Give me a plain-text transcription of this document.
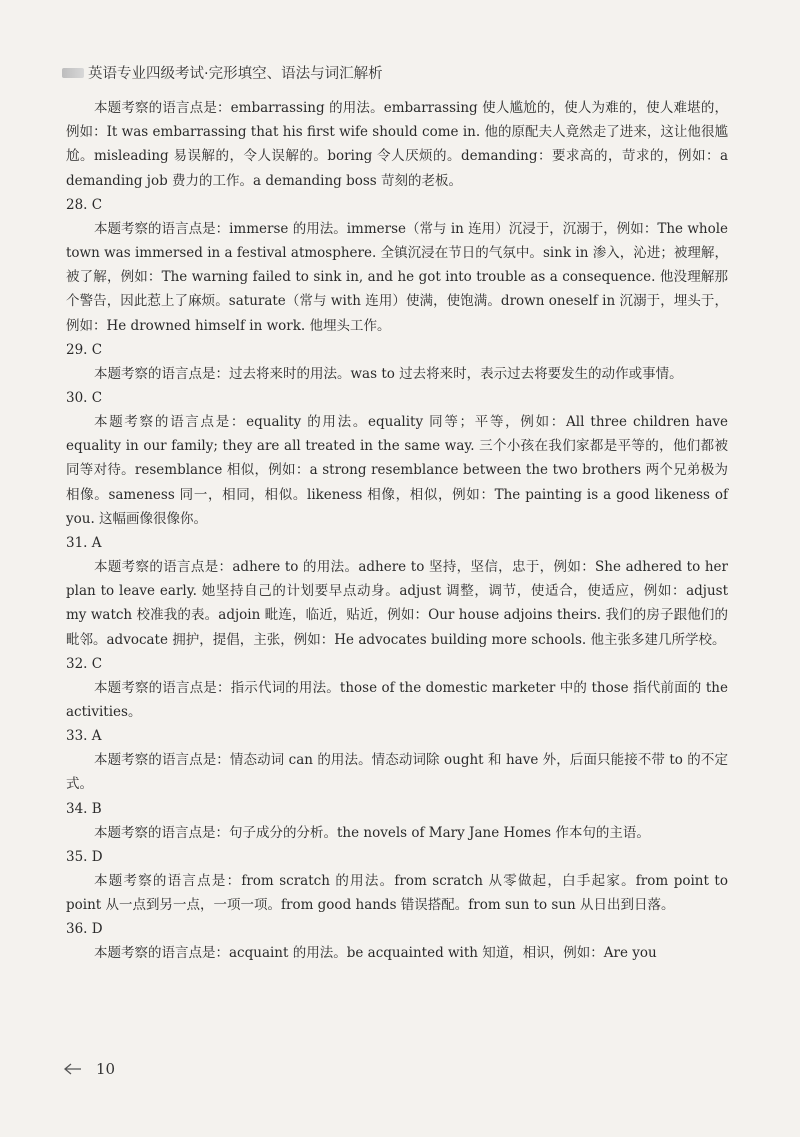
英语专业四级考试·完形填空、语法与词汇解析

本题考察的语言点是：embarrassing 的用法。embarrassing 使人尴尬的，使人为难的，使人难堪的，例如：It was embarrassing that his first wife should come in. 他的原配夫人竟然走了进来，这让他很尴尬。misleading 易误解的，令人误解的。boring 令人厌烦的。demanding：要求高的，苛求的，例如：a demanding job 费力的工作。a demanding boss 苛刻的老板。

28. C

本题考察的语言点是：immerse 的用法。immerse（常与 in 连用）沉浸于，沉溺于，例如：The whole town was immersed in a festival atmosphere. 全镇沉浸在节日的气氛中。sink in 渗入，沁进；被理解，被了解，例如：The warning failed to sink in, and he got into trouble as a consequence. 他没理解那个警告，因此惹上了麻烦。saturate（常与 with 连用）使满，使饱满。drown oneself in 沉溺于，埋头于，例如：He drowned himself in work. 他埋头工作。

29. C

本题考察的语言点是：过去将来时的用法。was to 过去将来时，表示过去将要发生的动作或事情。

30. C

本题考察的语言点是：equality 的用法。equality 同等；平等，例如：All three children have equality in our family; they are all treated in the same way. 三个小孩在我们家都是平等的，他们都被同等对待。resemblance 相似，例如：a strong resemblance between the two brothers 两个兄弟极为相像。sameness 同一，相同，相似。likeness 相像，相似，例如：The painting is a good likeness of you. 这幅画像很像你。

31. A

本题考察的语言点是：adhere to 的用法。adhere to 坚持，坚信，忠于，例如：She adhered to her plan to leave early. 她坚持自己的计划要早点动身。adjust 调整，调节，使适合，使适应，例如：adjust my watch 校准我的表。adjoin 毗连，临近，贴近，例如：Our house adjoins theirs. 我们的房子跟他们的毗邻。advocate 拥护，提倡，主张，例如：He advocates building more schools. 他主张多建几所学校。

32. C

本题考察的语言点是：指示代词的用法。those of the domestic marketer 中的 those 指代前面的 the activities。

33. A

本题考察的语言点是：情态动词 can 的用法。情态动词除 ought 和 have 外，后面只能接不带 to 的不定式。

34. B

本题考察的语言点是：句子成分的分析。the novels of Mary Jane Homes 作本句的主语。

35. D

本题考察的语言点是：from scratch 的用法。from scratch 从零做起，白手起家。from point to point 从一点到另一点，一项一项。from good hands 错误搭配。from sun to sun 从日出到日落。

36. D

本题考察的语言点是：acquaint 的用法。be acquainted with 知道，相识，例如：Are you

10
